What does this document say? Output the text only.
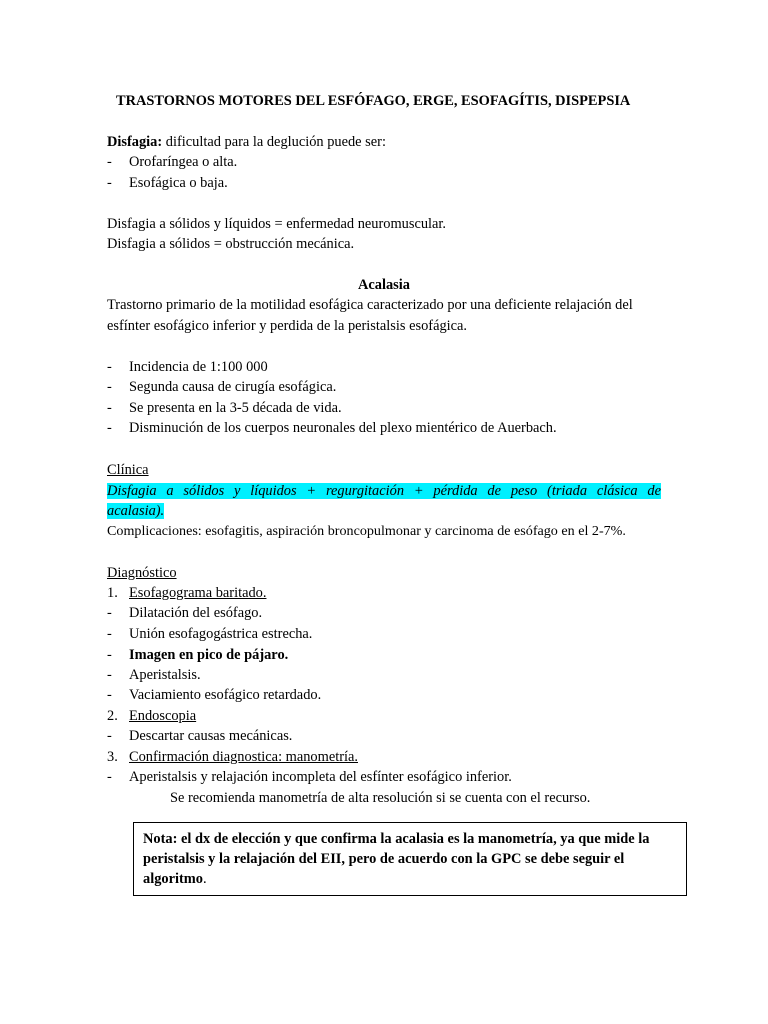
TRASTORNOS MOTORES DEL ESFÓFAGO, ERGE, ESOFAGÍTIS, DISPEPSIA
Disfagia: dificultad para la deglución puede ser:
- Orofaríngea o alta.
- Esofágica o baja.
Disfagia a sólidos y líquidos = enfermedad neuromuscular.
Disfagia a sólidos = obstrucción mecánica.
Acalasia
Trastorno primario de la motilidad esofágica caracterizado por una deficiente relajación del
esfínter esofágico inferior y perdida de la peristalsis esofágica.
- Incidencia de 1:100 000
- Segunda causa de cirugía esofágica.
- Se presenta en la 3-5 década de vida.
- Disminución de los cuerpos neuronales del plexo mientérico de Auerbach.
Clínica
Disfagia a sólidos y líquidos + regurgitación + pérdida de peso (triada clásica de
acalasia).
Complicaciones: esofagitis, aspiración broncopulmonar y carcinoma de esófago en el 2-7%.
Diagnóstico
1. Esofagograma baritado.
- Dilatación del esófago.
- Unión esofagogástrica estrecha.
- Imagen en pico de pájaro.
- Aperistalsis.
- Vaciamiento esofágico retardado.
2. Endoscopia
- Descartar causas mecánicas.
3. Confirmación diagnostica: manometría.
- Aperistalsis y relajación incompleta del esfínter esofágico inferior.
Se recomienda manometría de alta resolución si se cuenta con el recurso.
Nota: el dx de elección y que confirma la acalasia es la manometría, ya que mide la
peristalsis y la relajación del EII, pero de acuerdo con la GPC se debe seguir el
algoritmo.
